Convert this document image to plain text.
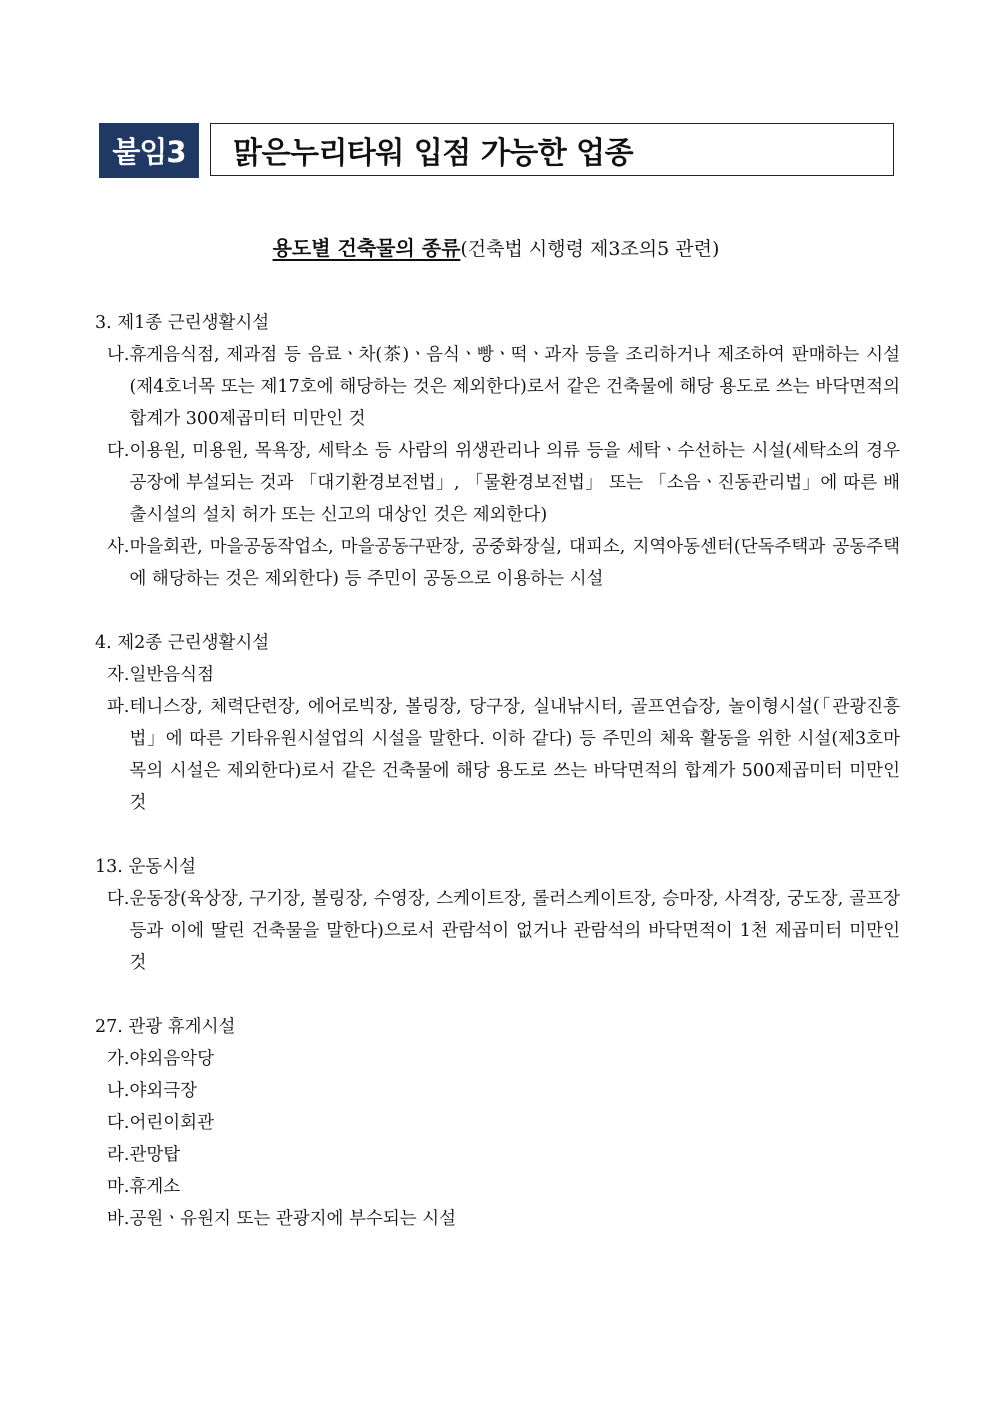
붙임3	맑은누리타워 입점 가능한 업종
용도별 건축물의 종류(건축법 시행령 제3조의5 관련)
3. 제1종 근린생활시설
나. 휴게음식점, 제과점 등 음료ㆍ차(茶)ㆍ음식ㆍ빵ㆍ떡ㆍ과자 등을 조리하거나 제조하여 판매하는 시설(제4호너목 또는 제17호에 해당하는 것은 제외한다)로서 같은 건축물에 해당 용도로 쓰는 바닥면적의 합계가 300제곱미터 미만인 것
다. 이용원, 미용원, 목욕장, 세탁소 등 사람의 위생관리나 의류 등을 세탁ㆍ수선하는 시설(세탁소의 경우 공장에 부설되는 것과 「대기환경보전법」, 「물환경보전법」 또는 「소음ㆍ진동관리법」에 따른 배출시설의 설치 허가 또는 신고의 대상인 것은 제외한다)
사. 마을회관, 마을공동작업소, 마을공동구판장, 공중화장실, 대피소, 지역아동센터(단독주택과 공동주택에 해당하는 것은 제외한다) 등 주민이 공동으로 이용하는 시설
4. 제2종 근린생활시설
자. 일반음식점
파. 테니스장, 체력단련장, 에어로빅장, 볼링장, 당구장, 실내낚시터, 골프연습장, 놀이형시설(「관광진흥법」에 따른 기타유원시설업의 시설을 말한다. 이하 같다) 등 주민의 체육 활동을 위한 시설(제3호마목의 시설은 제외한다)로서 같은 건축물에 해당 용도로 쓰는 바닥면적의 합계가 500제곱미터 미만인 것
13. 운동시설
다. 운동장(육상장, 구기장, 볼링장, 수영장, 스케이트장, 롤러스케이트장, 승마장, 사격장, 궁도장, 골프장 등과 이에 딸린 건축물을 말한다)으로서 관람석이 없거나 관람석의 바닥면적이 1천 제곱미터 미만인 것
27. 관광 휴게시설
가. 야외음악당
나. 야외극장
다. 어린이회관
라. 관망탑
마. 휴게소
바. 공원ㆍ유원지 또는 관광지에 부수되는 시설
